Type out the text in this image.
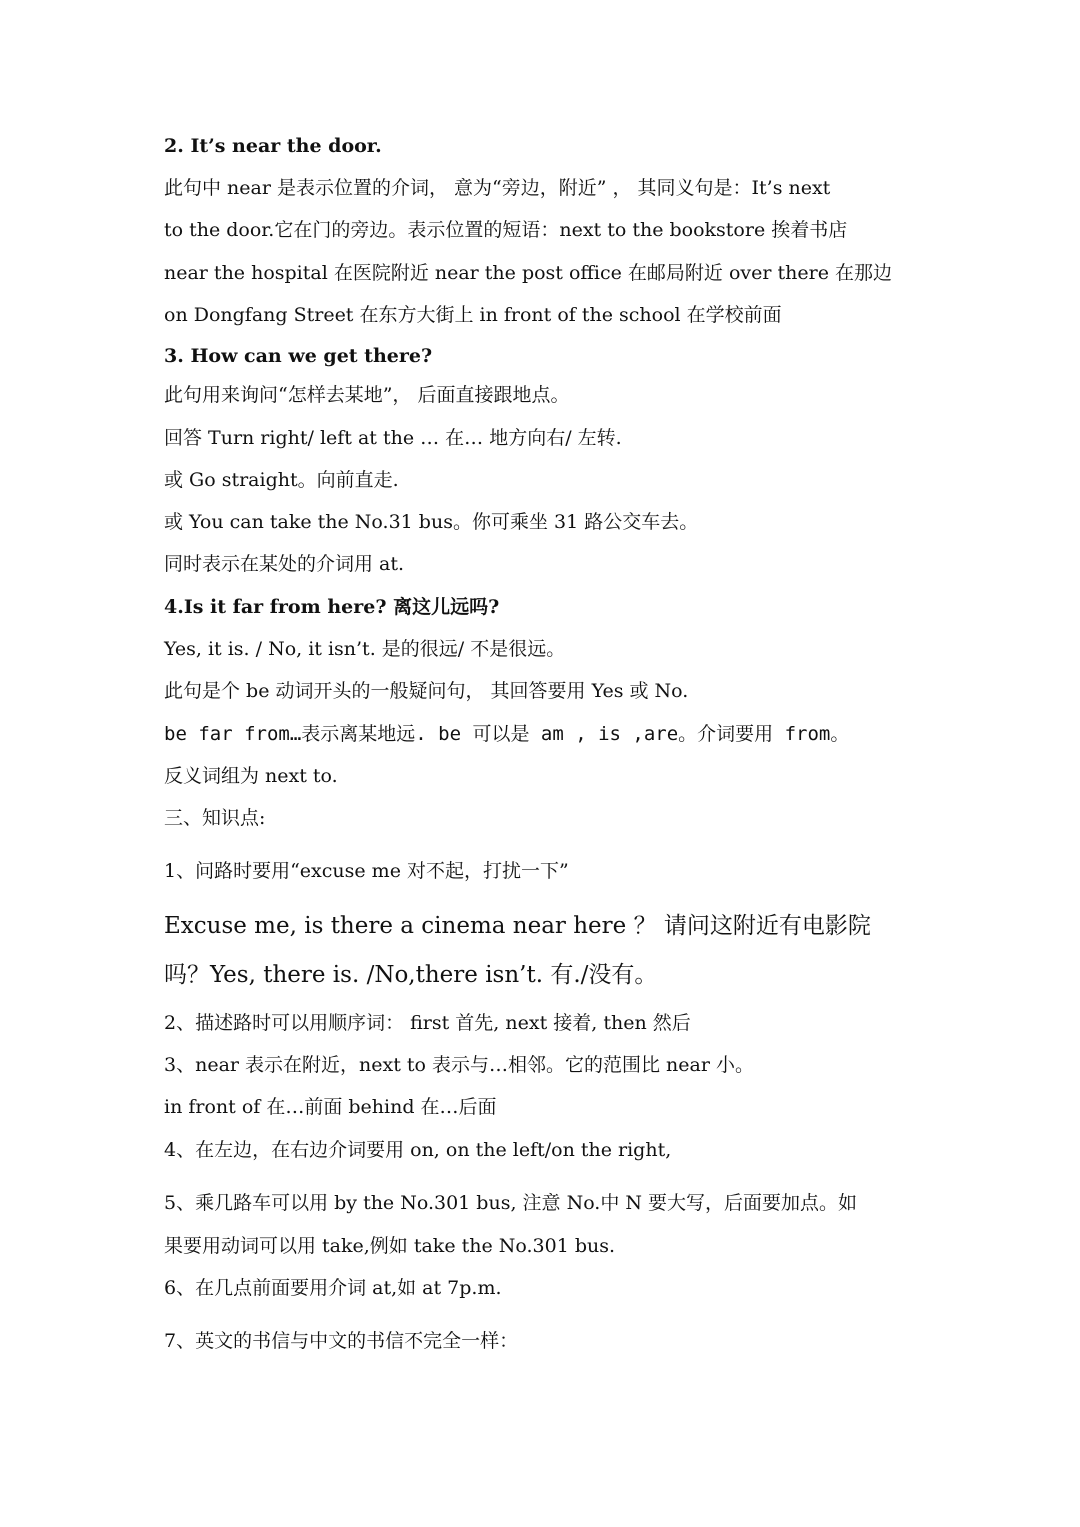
2. It’s near the door.
此句中 near 是表示位置的介词， 意为“旁边，附近” ， 其同义句是：It’s next
to the door.它在门的旁边。表示位置的短语：next to the bookstore 挨着书店
near the hospital 在医院附近 near the post office 在邮局附近 over there 在那边
on Dongfang Street 在东方大街上 in front of the school 在学校前面
3. How can we get there?
此句用来询问“怎样去某地”， 后面直接跟地点。
回答 Turn right/ left at the … 在… 地方向右/ 左转.
或 Go straight。向前直走.
或 You can take the No.31 bus。你可乘坐 31 路公交车去。
同时表示在某处的介词用 at.
4.Is it far from here? 离这儿远吗?
Yes, it is. / No, it isn’t. 是的很远/ 不是很远。
此句是个 be 动词开头的一般疑问句， 其回答要用 Yes 或 No.
be far from…表示离某地远. be 可以是 am , is ,are。介词要用 from。
反义词组为 next to.
三、知识点:
1、问路时要用“excuse me 对不起，打扰一下”
Excuse me, is there a cinema near here ？ 请问这附近有电影院
吗？Yes, there is. /No,there isn’t. 有./没有。
2、描述路时可以用顺序词： first 首先, next 接着, then 然后
3、near 表示在附近，next to 表示与…相邻。它的范围比 near 小。
in front of 在…前面 behind 在…后面
4、在左边，在右边介词要用 on, on the left/on the right,
5、乘几路车可以用 by the No.301 bus, 注意 No.中 N 要大写，后面要加点。如
果要用动词可以用 take,例如 take the No.301 bus.
6、在几点前面要用介词 at,如 at 7p.m.
7、英文的书信与中文的书信不完全一样：
